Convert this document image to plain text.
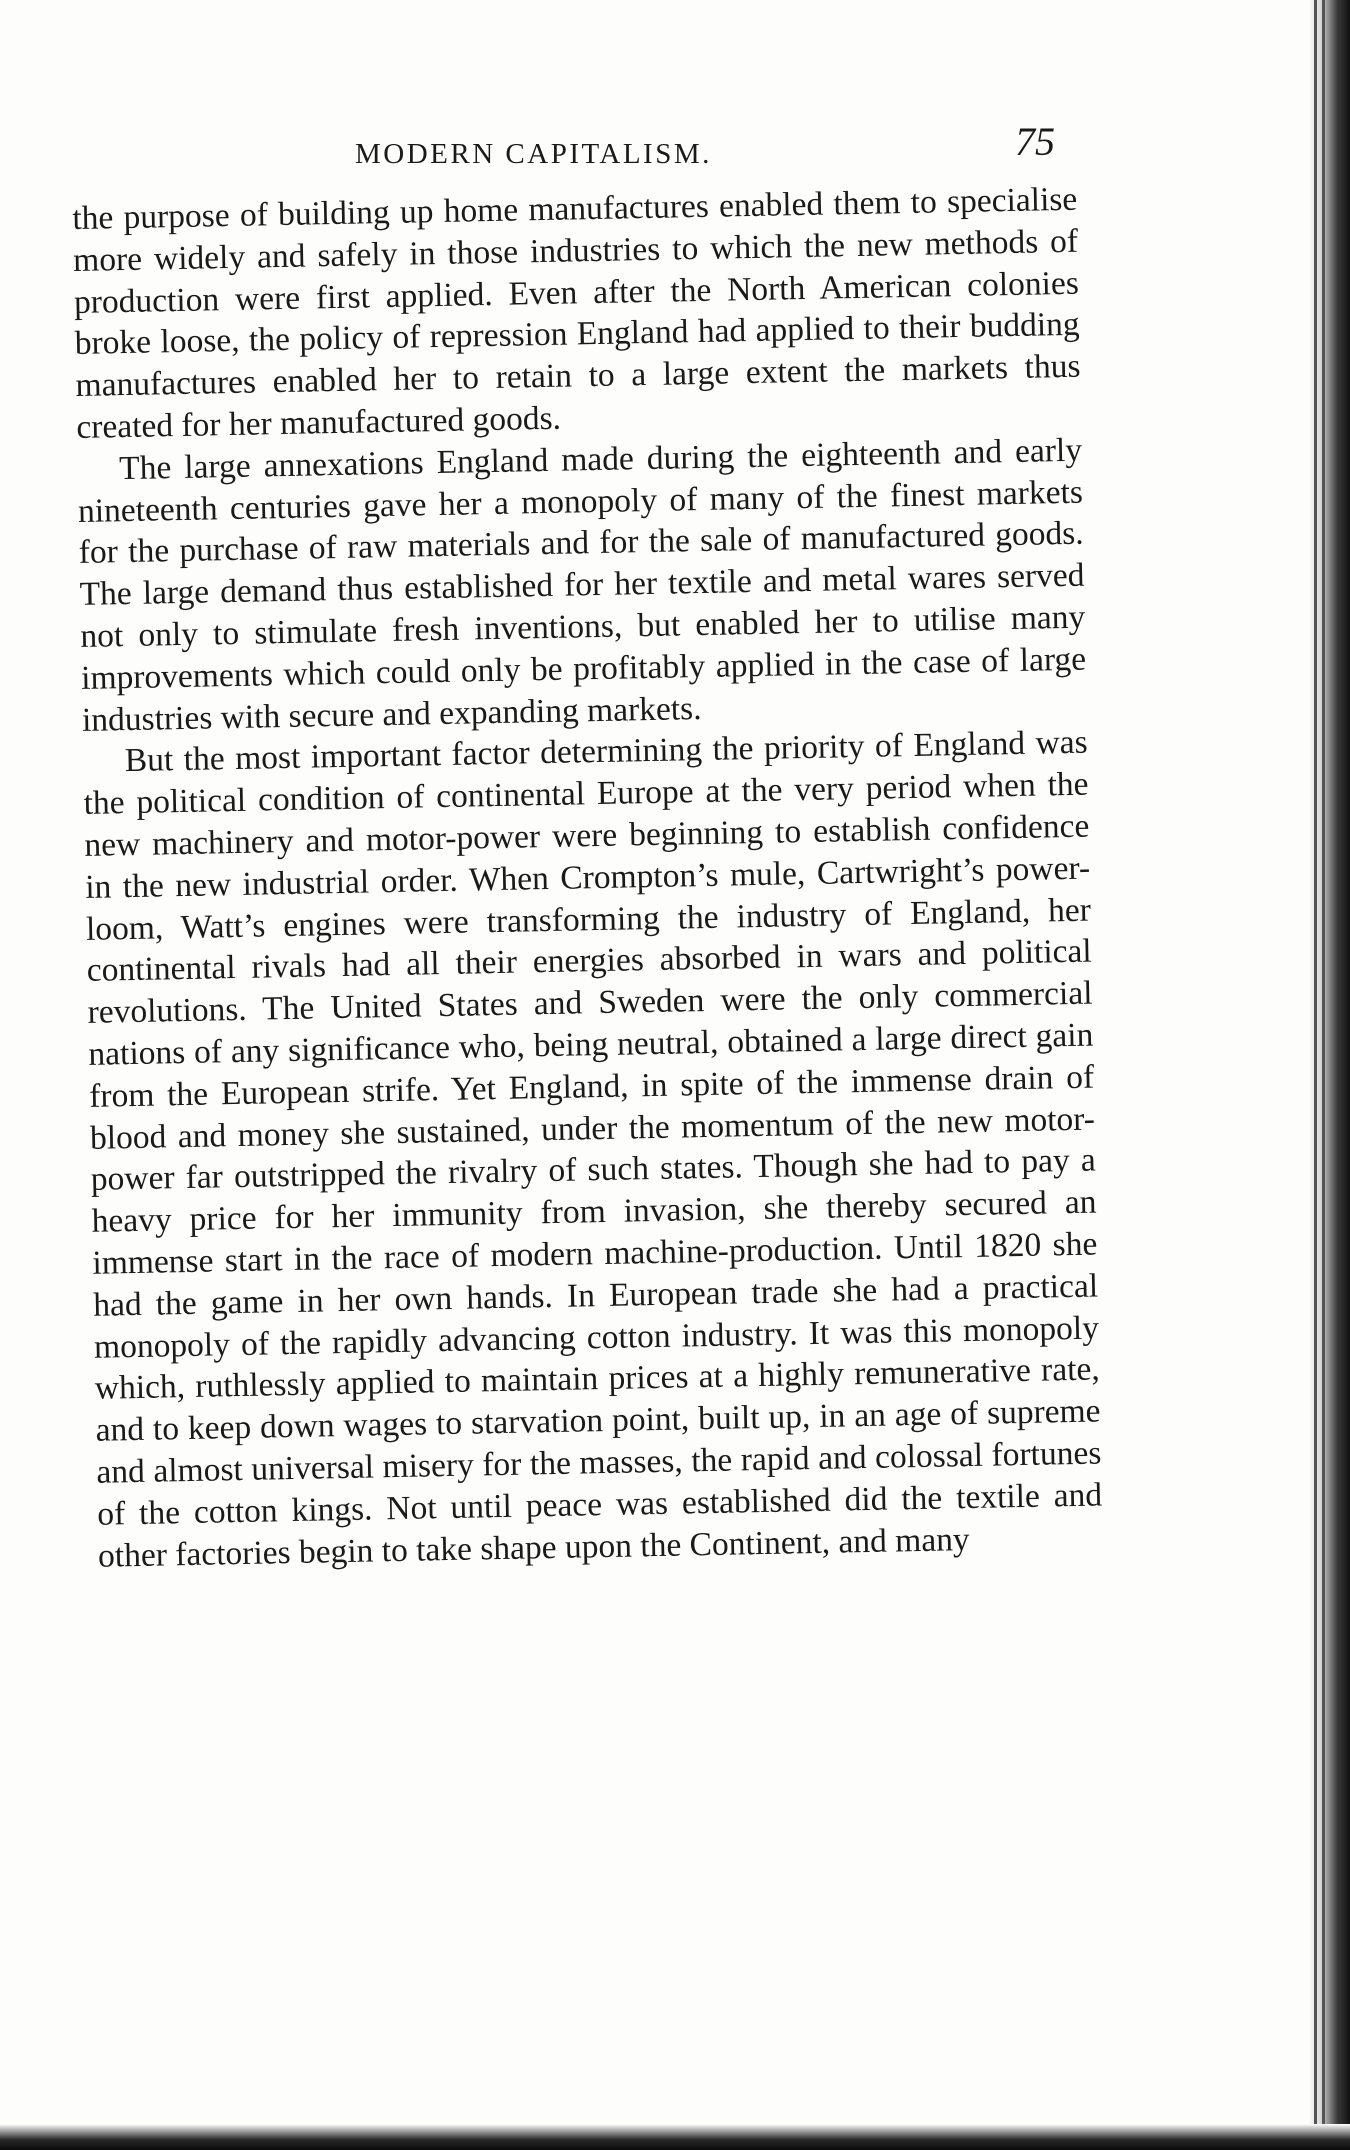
MODERN CAPITALISM.	75

the purpose of building up home manufactures enabled them to specialise more widely and safely in those industries to which the new methods of production were first applied. Even after the North American colonies broke loose, the policy of repression England had applied to their budding manufactures enabled her to retain to a large extent the markets thus created for her manufactured goods.

The large annexations England made during the eighteenth and early nineteenth centuries gave her a monopoly of many of the finest markets for the purchase of raw materials and for the sale of manufactured goods. The large demand thus established for her textile and metal wares served not only to stimulate fresh inventions, but enabled her to utilise many improvements which could only be profitably applied in the case of large industries with secure and expanding markets.

But the most important factor determining the priority of England was the political condition of continental Europe at the very period when the new machinery and motor-power were beginning to establish confidence in the new industrial order. When Crompton’s mule, Cartwright’s power-loom, Watt’s engines were transforming the industry of England, her continental rivals had all their energies absorbed in wars and political revolutions. The United States and Sweden were the only commercial nations of any significance who, being neutral, obtained a large direct gain from the European strife. Yet England, in spite of the immense drain of blood and money she sustained, under the momentum of the new motor-power far outstripped the rivalry of such states. Though she had to pay a heavy price for her immunity from invasion, she thereby secured an immense start in the race of modern machine-production. Until 1820 she had the game in her own hands. In European trade she had a practical monopoly of the rapidly advancing cotton industry. It was this monopoly which, ruthlessly applied to maintain prices at a highly remunerative rate, and to keep down wages to starvation point, built up, in an age of supreme and almost universal misery for the masses, the rapid and colossal fortunes of the cotton kings. Not until peace was established did the textile and other factories begin to take shape upon the Continent, and many
